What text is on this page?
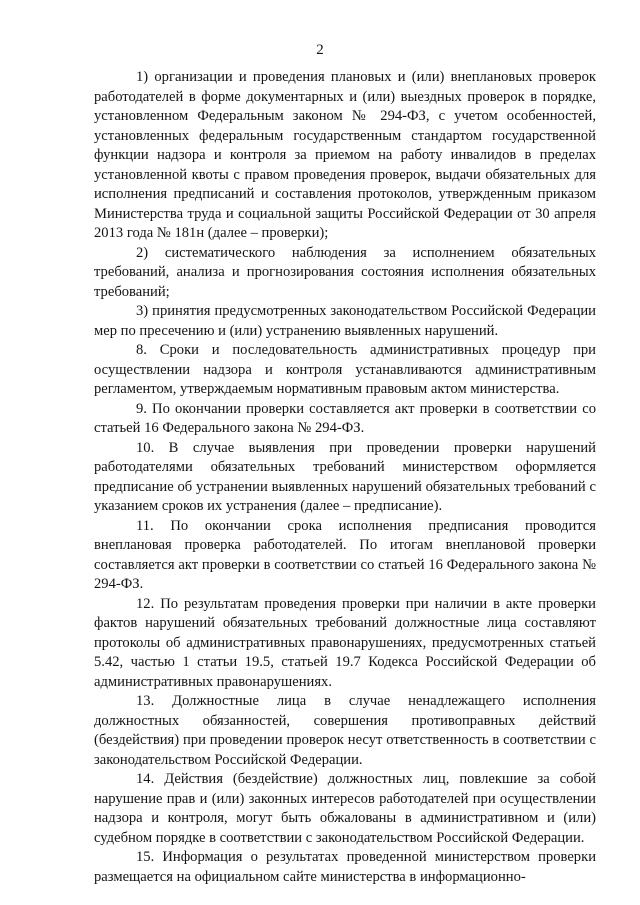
2

1) организации и проведения плановых и (или) внеплановых проверок работодателей в форме документарных и (или) выездных проверок в порядке, установленном Федеральным законом № 294-ФЗ, с учетом особенностей, установленных федеральным государственным стандартом государственной функции надзора и контроля за приемом на работу инвалидов в пределах установленной квоты с правом проведения проверок, выдачи обязательных для исполнения предписаний и составления протоколов, утвержденным приказом Министерства труда и социальной защиты Российской Федерации от 30 апреля 2013 года № 181н (далее – проверки);

2) систематического наблюдения за исполнением обязательных требований, анализа и прогнозирования состояния исполнения обязательных требований;

3) принятия предусмотренных законодательством Российской Федерации мер по пресечению и (или) устранению выявленных нарушений.

8. Сроки и последовательность административных процедур при осуществлении надзора и контроля устанавливаются административным регламентом, утверждаемым нормативным правовым актом министерства.

9. По окончании проверки составляется акт проверки в соответствии со статьей 16 Федерального закона № 294-ФЗ.

10. В случае выявления при проведении проверки нарушений работодателями обязательных требований министерством оформляется предписание об устранении выявленных нарушений обязательных требований с указанием сроков их устранения (далее – предписание).

11. По окончании срока исполнения предписания проводится внеплановая проверка работодателей. По итогам внеплановой проверки составляется акт проверки в соответствии со статьей 16 Федерального закона № 294-ФЗ.

12. По результатам проведения проверки при наличии в акте проверки фактов нарушений обязательных требований должностные лица составляют протоколы об административных правонарушениях, предусмотренных статьей 5.42, частью 1 статьи 19.5, статьей 19.7 Кодекса Российской Федерации об административных правонарушениях.

13. Должностные лица в случае ненадлежащего исполнения должностных обязанностей, совершения противоправных действий (бездействия) при проведении проверок несут ответственность в соответствии с законодательством Российской Федерации.

14. Действия (бездействие) должностных лиц, повлекшие за собой нарушение прав и (или) законных интересов работодателей при осуществлении надзора и контроля, могут быть обжалованы в административном и (или) судебном порядке в соответствии с законодательством Российской Федерации.

15. Информация о результатах проведенной министерством проверки размещается на официальном сайте министерства в информационно-
